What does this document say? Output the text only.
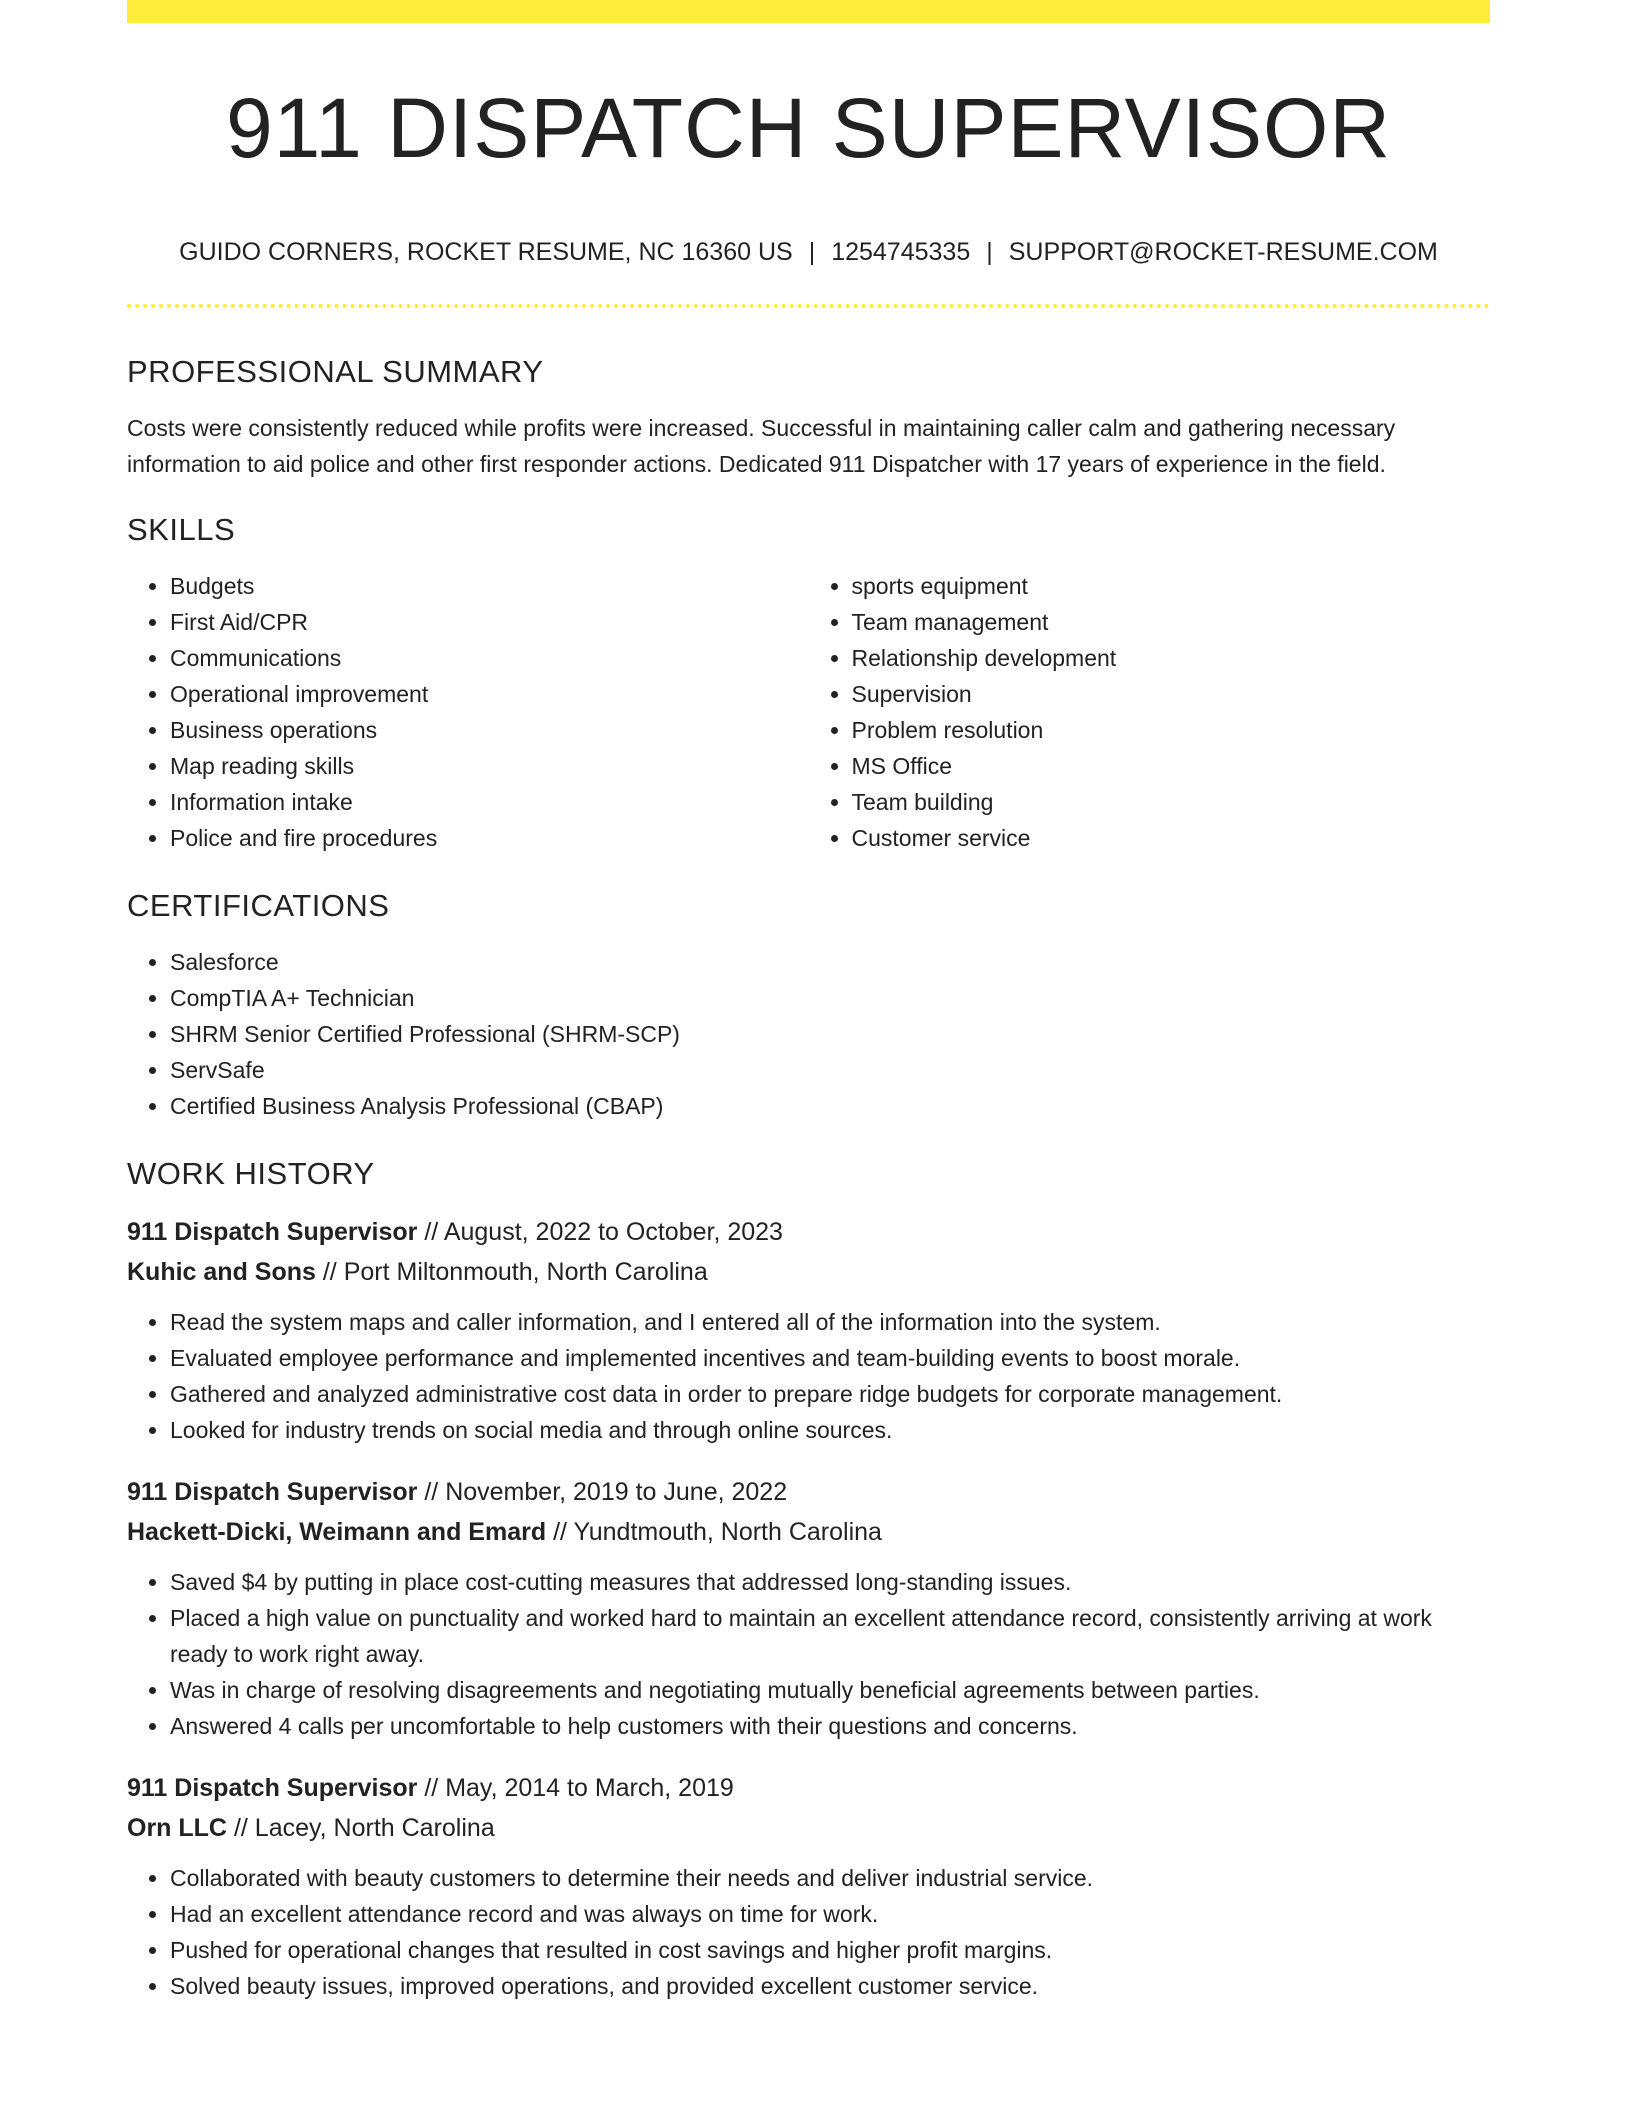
911 DISPATCH SUPERVISOR
GUIDO CORNERS, ROCKET RESUME, NC 16360 US | 1254745335 | SUPPORT@ROCKET-RESUME.COM
PROFESSIONAL SUMMARY

Costs were consistently reduced while profits were increased. Successful in maintaining caller calm and gathering necessary information to aid police and other first responder actions. Dedicated 911 Dispatcher with 17 years of experience in the field.

SKILLS
• Budgets
• First Aid/CPR
• Communications
• Operational improvement
• Business operations
• Map reading skills
• Information intake
• Police and fire procedures
• sports equipment
• Team management
• Relationship development
• Supervision
• Problem resolution
• MS Office
• Team building
• Customer service
CERTIFICATIONS
• Salesforce
• CompTIA A+ Technician
• SHRM Senior Certified Professional (SHRM-SCP)
• ServSafe
• Certified Business Analysis Professional (CBAP)
WORK HISTORY
911 Dispatch Supervisor // August, 2022 to October, 2023
Kuhic and Sons // Port Miltonmouth, North Carolina
• Read the system maps and caller information, and I entered all of the information into the system.
• Evaluated employee performance and implemented incentives and team-building events to boost morale.
• Gathered and analyzed administrative cost data in order to prepare ridge budgets for corporate management.
• Looked for industry trends on social media and through online sources.
911 Dispatch Supervisor // November, 2019 to June, 2022
Hackett-Dicki, Weimann and Emard // Yundtmouth, North Carolina
• Saved $4 by putting in place cost-cutting measures that addressed long-standing issues.
• Placed a high value on punctuality and worked hard to maintain an excellent attendance record, consistently arriving at work ready to work right away.
• Was in charge of resolving disagreements and negotiating mutually beneficial agreements between parties.
• Answered 4 calls per uncomfortable to help customers with their questions and concerns.
911 Dispatch Supervisor // May, 2014 to March, 2019
Orn LLC // Lacey, North Carolina
• Collaborated with beauty customers to determine their needs and deliver industrial service.
• Had an excellent attendance record and was always on time for work.
• Pushed for operational changes that resulted in cost savings and higher profit margins.
• Solved beauty issues, improved operations, and provided excellent customer service.
